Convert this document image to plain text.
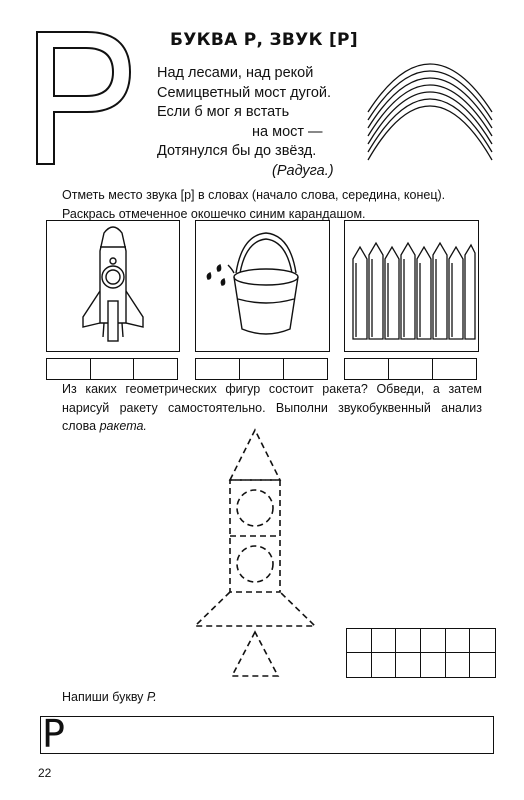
БУКВА Р, ЗВУК [Р]
Над лесами, над рекой
Семицветный мост дугой.
Если б мог я встать
на мост —
Дотянулся бы до звёзд.
(Радуга.)
Отметь место звука [р] в словах (начало слова, середина, конец). Раскрась отмеченное окошечко синим карандашом.
Из каких геометрических фигур состоит ракета? Обведи, а затем нарисуй ракету самостоятельно. Выполни звукобуквенный анализ слова ракета.
Напиши букву Р.
Р
22
